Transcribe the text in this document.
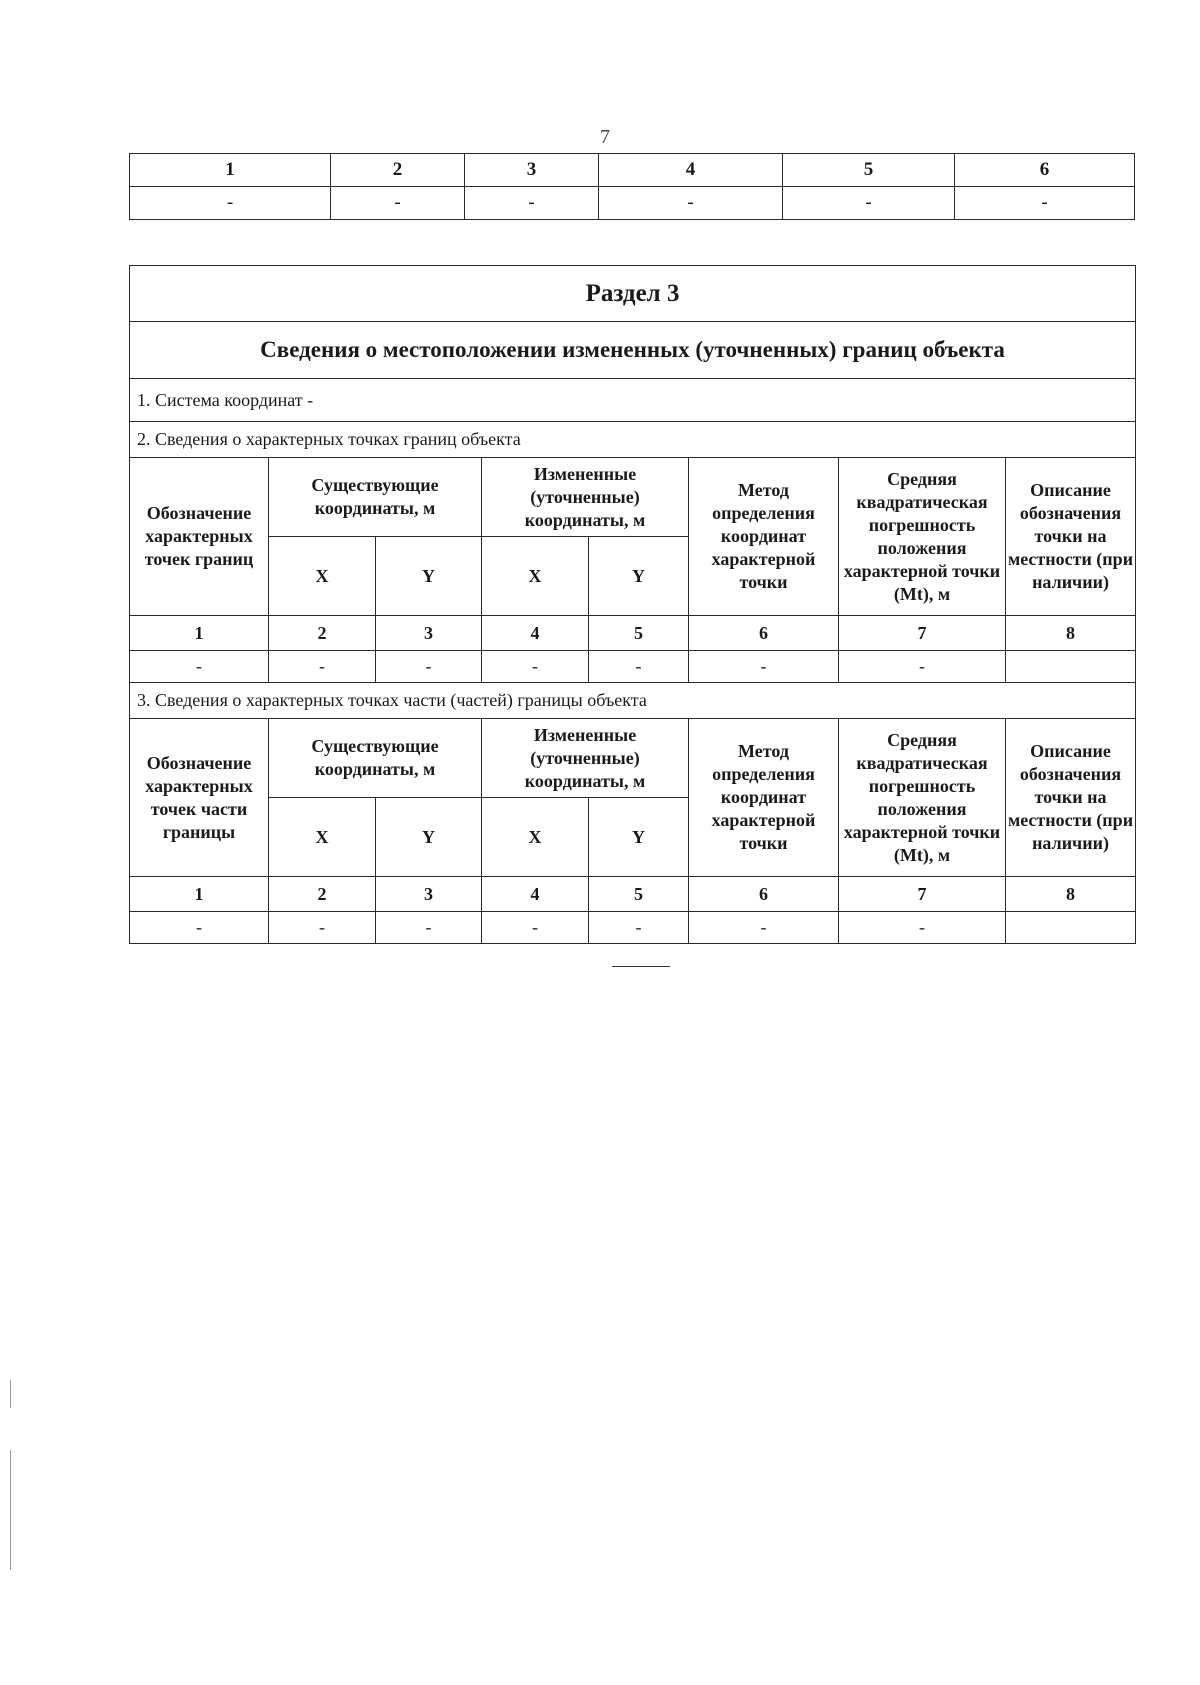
7
1	2	3	4	5	6
-	-	-	-	-	-
Раздел 3							
Сведения о местоположении измененных (уточненных) границ объекта							
1. Система координат -							
2. Сведения о характерных точках границ объекта							
Обозначение характерных точек границ	Существующие координаты, м		Измененные (уточненные) координаты, м		Метод определения координат характерной точки	Средняя квадратическая погрешность положения характерной точки (Mt), м	Описание обозначения точки на местности (при наличии)
	X	Y	X	Y			
1	2	3	4	5	6	7	8
-	-	-	-	-	-	-	
3. Сведения о характерных точках части (частей) границы объекта							
Обозначение характерных точек части границы	Существующие координаты, м		Измененные (уточненные) координаты, м		Метод определения координат характерной точки	Средняя квадратическая погрешность положения характерной точки (Mt), м	Описание обозначения точки на местности (при наличии)
	X	Y	X	Y			
1	2	3	4	5	6	7	8
-	-	-	-	-	-	-	
